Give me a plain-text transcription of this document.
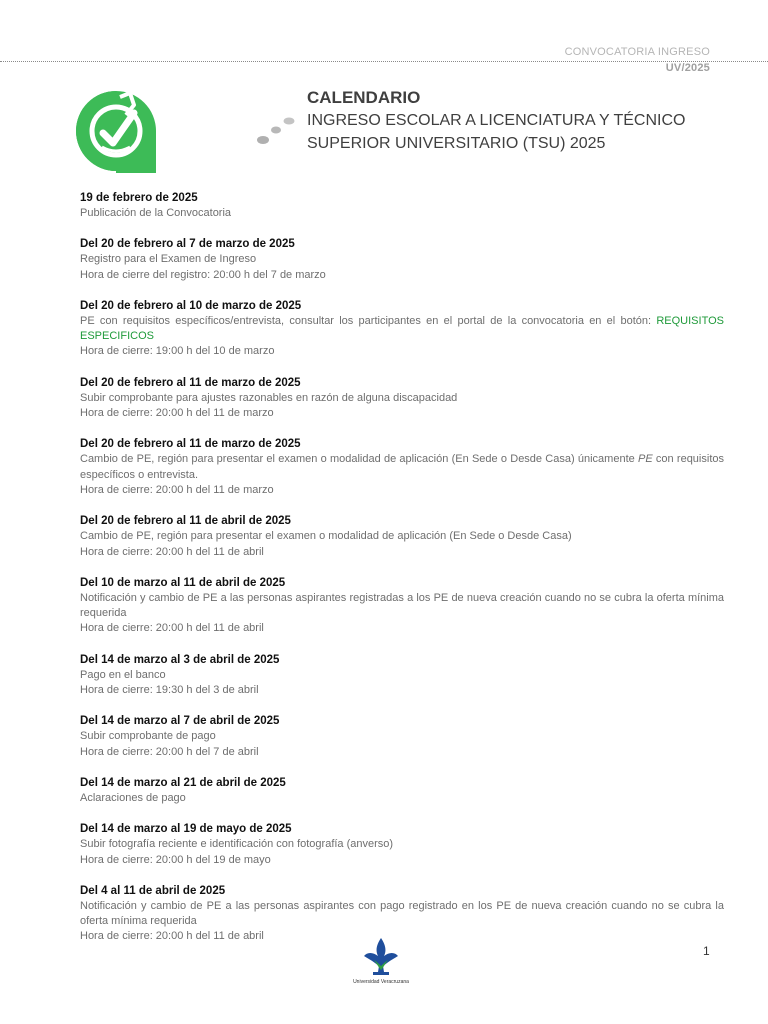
CONVOCATORIA INGRESO
UV/2025
CALENDARIO
INGRESO ESCOLAR A LICENCIATURA Y TÉCNICO
SUPERIOR UNIVERSITARIO (TSU) 2025
19 de febrero de 2025
Publicación de la Convocatoria
Del 20 de febrero al 7 de marzo de 2025
Registro para el Examen de Ingreso
Hora de cierre del registro: 20:00 h del 7 de marzo
Del 20 de febrero al 10 de marzo de 2025
PE con requisitos específicos/entrevista, consultar los participantes en el portal de la convocatoria en el botón: REQUISITOS ESPECIFICOS
Hora de cierre: 19:00 h del 10 de marzo
Del 20 de febrero al 11 de marzo de 2025
Subir comprobante para ajustes razonables en razón de alguna discapacidad
Hora de cierre: 20:00 h del 11 de marzo
Del 20 de febrero al 11 de marzo de 2025
Cambio de PE, región para presentar el examen o modalidad de aplicación (En Sede o Desde Casa) únicamente PE con requisitos específicos o entrevista.
Hora de cierre: 20:00 h del 11 de marzo
Del 20 de febrero al 11 de abril de 2025
Cambio de PE, región para presentar el examen o modalidad de aplicación (En Sede o Desde Casa)
Hora de cierre: 20:00 h del 11 de abril
Del 10 de marzo al 11 de abril de 2025
Notificación y cambio de PE a las personas aspirantes registradas a los PE de nueva creación cuando no se cubra la oferta mínima requerida
Hora de cierre: 20:00 h del 11 de abril
Del 14 de marzo al 3 de abril de 2025
Pago en el banco
Hora de cierre: 19:30 h del 3 de abril
Del 14 de marzo al 7 de abril de 2025
Subir comprobante de pago
Hora de cierre: 20:00 h del 7 de abril
Del 14 de marzo al 21 de abril de 2025
Aclaraciones de pago
Del 14 de marzo al 19 de mayo de 2025
Subir fotografía reciente e identificación con fotografía (anverso)
Hora de cierre: 20:00 h del 19 de mayo
Del 4 al 11 de abril de 2025
Notificación y cambio de PE a las personas aspirantes con pago registrado en los PE de nueva creación cuando no se cubra la oferta mínima requerida
Hora de cierre: 20:00 h del 11 de abril
Universidad Veracruzana
1
